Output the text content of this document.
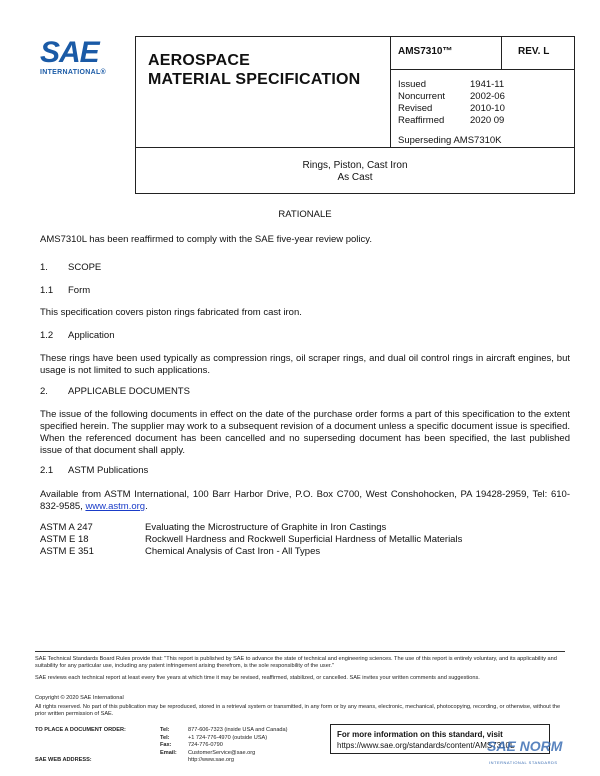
SAE
INTERNATIONAL®
AEROSPACE
MATERIAL SPECIFICATION
AMS7310™	REV. L
Issued	1941-11
Noncurrent	2002-06
Revised	2010-10
Reaffirmed	2020 09
Superseding AMS7310K
Rings, Piston, Cast Iron
As Cast
RATIONALE
AMS7310L has been reaffirmed to comply with the SAE five-year review policy.
1.	SCOPE
1.1	Form
This specification covers piston rings fabricated from cast iron.
1.2	Application
These rings have been used typically as compression rings, oil scraper rings, and dual oil control rings in aircraft engines, but usage is not limited to such applications.
2.	APPLICABLE DOCUMENTS
The issue of the following documents in effect on the date of the purchase order forms a part of this specification to the extent specified herein. The supplier may work to a subsequent revision of a document unless a specific document issue is specified. When the referenced document has been cancelled and no superseding document has been specified, the last published issue of that document shall apply.
2.1	ASTM Publications
Available from ASTM International, 100 Barr Harbor Drive, P.O. Box C700, West Conshohocken, PA 19428-2959, Tel: 610-832-9585, www.astm.org.
ASTM A 247	Evaluating the Microstructure of Graphite in Iron Castings
ASTM E 18	Rockwell Hardness and Rockwell Superficial Hardness of Metallic Materials
ASTM E 351	Chemical Analysis of Cast Iron - All Types
SAE Technical Standards Board Rules provide that: "This report is published by SAE to advance the state of technical and engineering sciences. The use of this report is entirely voluntary, and its applicability and suitability for any particular use, including any patent infringement arising therefrom, is the sole responsibility of the user."
SAE reviews each technical report at least every five years at which time it may be revised, reaffirmed, stabilized, or cancelled. SAE invites your written comments and suggestions.
Copyright © 2020 SAE International
All rights reserved. No part of this publication may be reproduced, stored in a retrieval system or transmitted, in any form or by any means, electronic, mechanical, photocopying, recording, or otherwise, without the prior written permission of SAE.
TO PLACE A DOCUMENT ORDER:	Tel:	877-606-7323 (inside USA and Canada)
Tel:	+1 724-776-4970 (outside USA)
Fax:	724-776-0790
Email:	CustomerService@sae.org
SAE WEB ADDRESS:	http://www.sae.org
For more information on this standard, visit
https://www.sae.org/standards/content/AMS7310L
SAE NORM
INTERNATIONAL STANDARDS
